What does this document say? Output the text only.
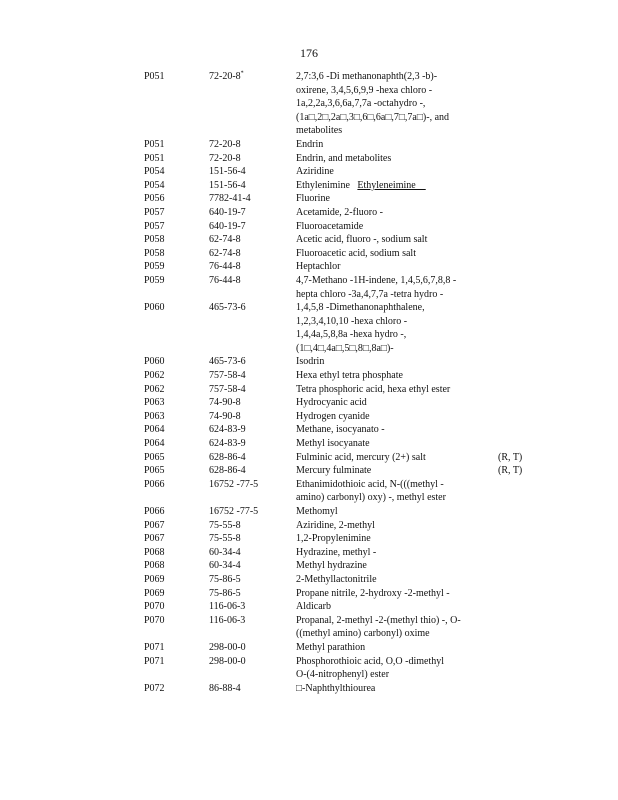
176
P051	72-20-8*	2,7:3,6 -Di methanonaphth(2,3 -b)-
oxirene, 3,4,5,6,9,9 -hexa chloro -
1a,2,2a,3,6,6a,7,7a -octahydro -,
(1a□,2□,2a□,3□,6□,6a□,7□,7a□)-, and
metabolites
P051	72-20-8	Endrin
P051	72-20-8	Endrin, and metabolites
P054	151-56-4	Aziridine
P054	151-56-4	Ethylenimine Ethyleneimine
P056	7782-41-4	Fluorine
P057	640-19-7	Acetamide, 2-fluoro -
P057	640-19-7	Fluoroacetamide
P058	62-74-8	Acetic acid, fluoro -, sodium salt
P058	62-74-8	Fluoroacetic acid, sodium salt
P059	76-44-8	Heptachlor
P059	76-44-8	4,7-Methano -1H-indene, 1,4,5,6,7,8,8 -
hepta chloro -3a,4,7,7a -tetra hydro -
P060	465-73-6	1,4,5,8 -Dimethanonaphthalene,
1,2,3,4,10,10 -hexa chloro -
1,4,4a,5,8,8a -hexa hydro -,
(1□,4□,4a□,5□,8□,8a□)-
P060	465-73-6	Isodrin
P062	757-58-4	Hexa ethyl tetra phosphate
P062	757-58-4	Tetra phosphoric acid, hexa ethyl ester
P063	74-90-8	Hydrocyanic acid
P063	74-90-8	Hydrogen cyanide
P064	624-83-9	Methane, isocyanato -
P064	624-83-9	Methyl isocyanate
P065	628-86-4	Fulminic acid, mercury (2+) salt	(R, T)
P065	628-86-4	Mercury fulminate	(R, T)
P066	16752 -77-5	Ethanimidothioic acid, N-(((methyl -
amino) carbonyl) oxy) -, methyl ester
P066	16752 -77-5	Methomyl
P067	75-55-8	Aziridine, 2-methyl
P067	75-55-8	1,2-Propylenimine
P068	60-34-4	Hydrazine, methyl -
P068	60-34-4	Methyl hydrazine
P069	75-86-5	2-Methyllactonitrile
P069	75-86-5	Propane nitrile, 2-hydroxy -2-methyl -
P070	116-06-3	Aldicarb
P070	116-06-3	Propanal, 2-methyl -2-(methyl thio) -, O-
((methyl amino) carbonyl) oxime
P071	298-00-0	Methyl parathion
P071	298-00-0	Phosphorothioic acid, O,O -dimethyl
O-(4-nitrophenyl) ester
P072	86-88-4	□-Naphthylthiourea
